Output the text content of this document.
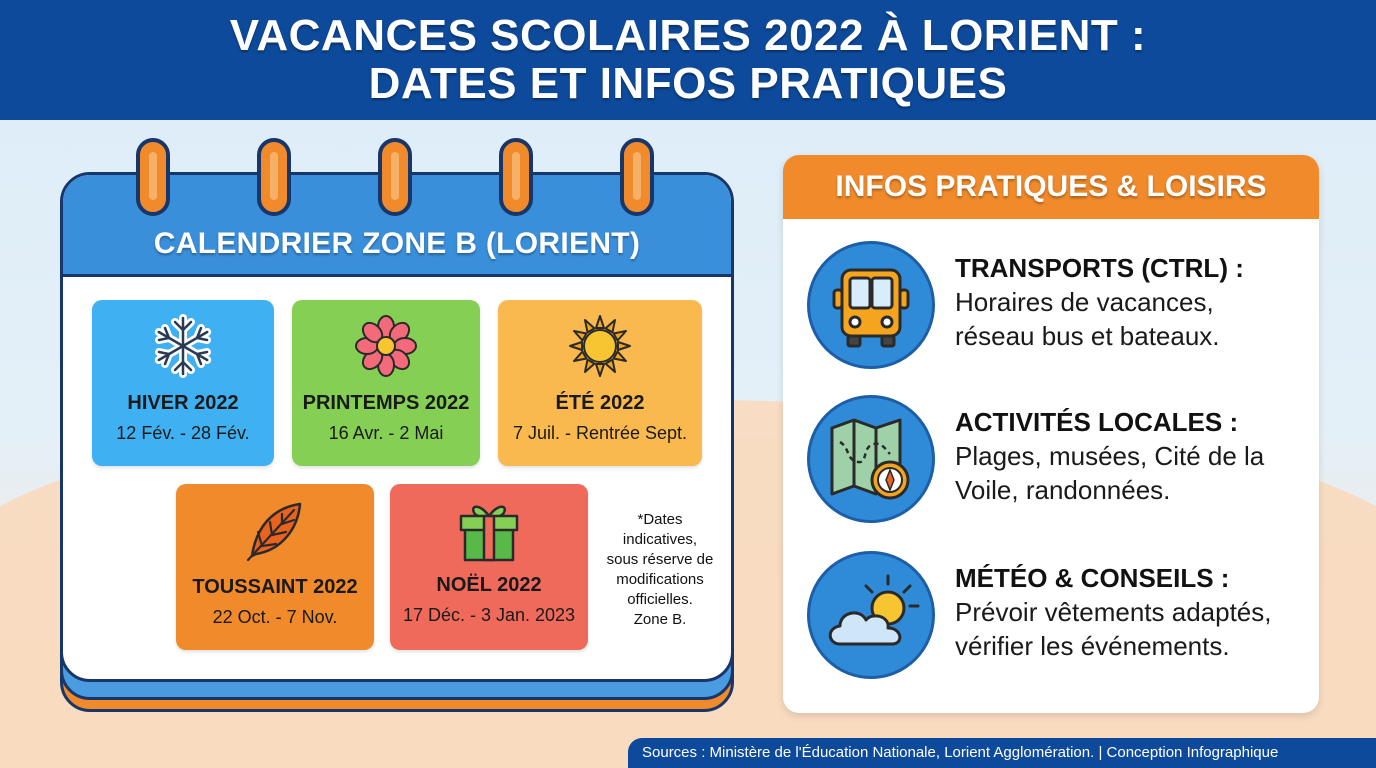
VACANCES SCOLAIRES 2022 À LORIENT :
DATES ET INFOS PRATIQUES
CALENDRIER ZONE B (LORIENT)
HIVER 2022
12 Fév. - 28 Fév.
PRINTEMPS 2022
16 Avr. - 2 Mai
ÉTÉ 2022
7 Juil. - Rentrée Sept.
TOUSSAINT 2022
22 Oct. - 7 Nov.
NOËL 2022
17 Déc. - 3 Jan. 2023
*Dates
indicatives,
sous réserve de
modifications
officielles.
Zone B.
INFOS PRATIQUES & LOISIRS
TRANSPORTS (CTRL) :
Horaires de vacances,
réseau bus et bateaux.
ACTIVITÉS LOCALES :
Plages, musées, Cité de la
Voile, randonnées.
MÉTÉO & CONSEILS :
Prévoir vêtements adaptés,
vérifier les événements.
Sources : Ministère de l'Éducation Nationale, Lorient Agglomération. | Conception Infographique
